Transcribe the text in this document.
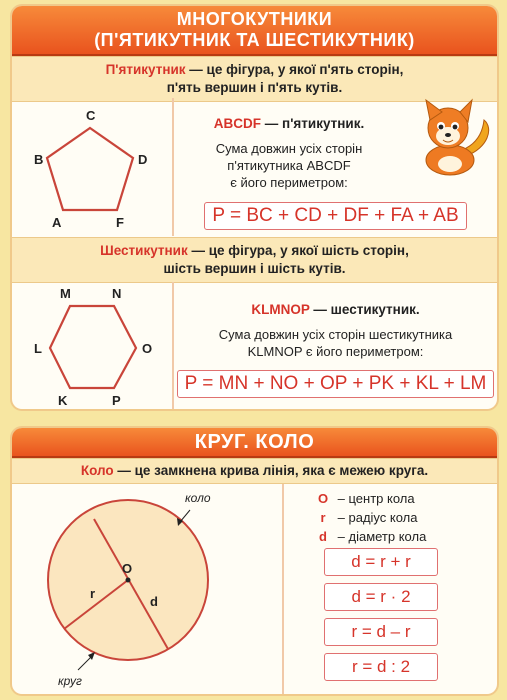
МНОГОКУТНИКИ
(П'ЯТИКУТНИК ТА ШЕСТИКУТНИК)
П'ятикутник — це фігура, у якої п'ять сторін,
п'ять вершин і п'ять кутів.
C
B	D
A	F
ABCDF — п'ятикутник.
Сума довжин усіх сторін
п'ятикутника ABCDF
є його периметром:
P = BC + CD + DF + FA + AB
Шестикутник — це фігура, у якої шість сторін,
шість вершин і шість кутів.
M	N
L	O
K	P
KLMNOP — шестикутник.
Сума довжин усіх сторін шестикутника
KLMNOP є його периметром:
P = MN + NO + OP + PK + KL + LM
КРУГ. КОЛО
Коло — це замкнена крива лінія, яка є межею круга.
O
r
d
коло
круг
O – центр кола
r – радіус кола
d – діаметр кола
d = r + r
d = r · 2
r = d – r
r = d : 2
